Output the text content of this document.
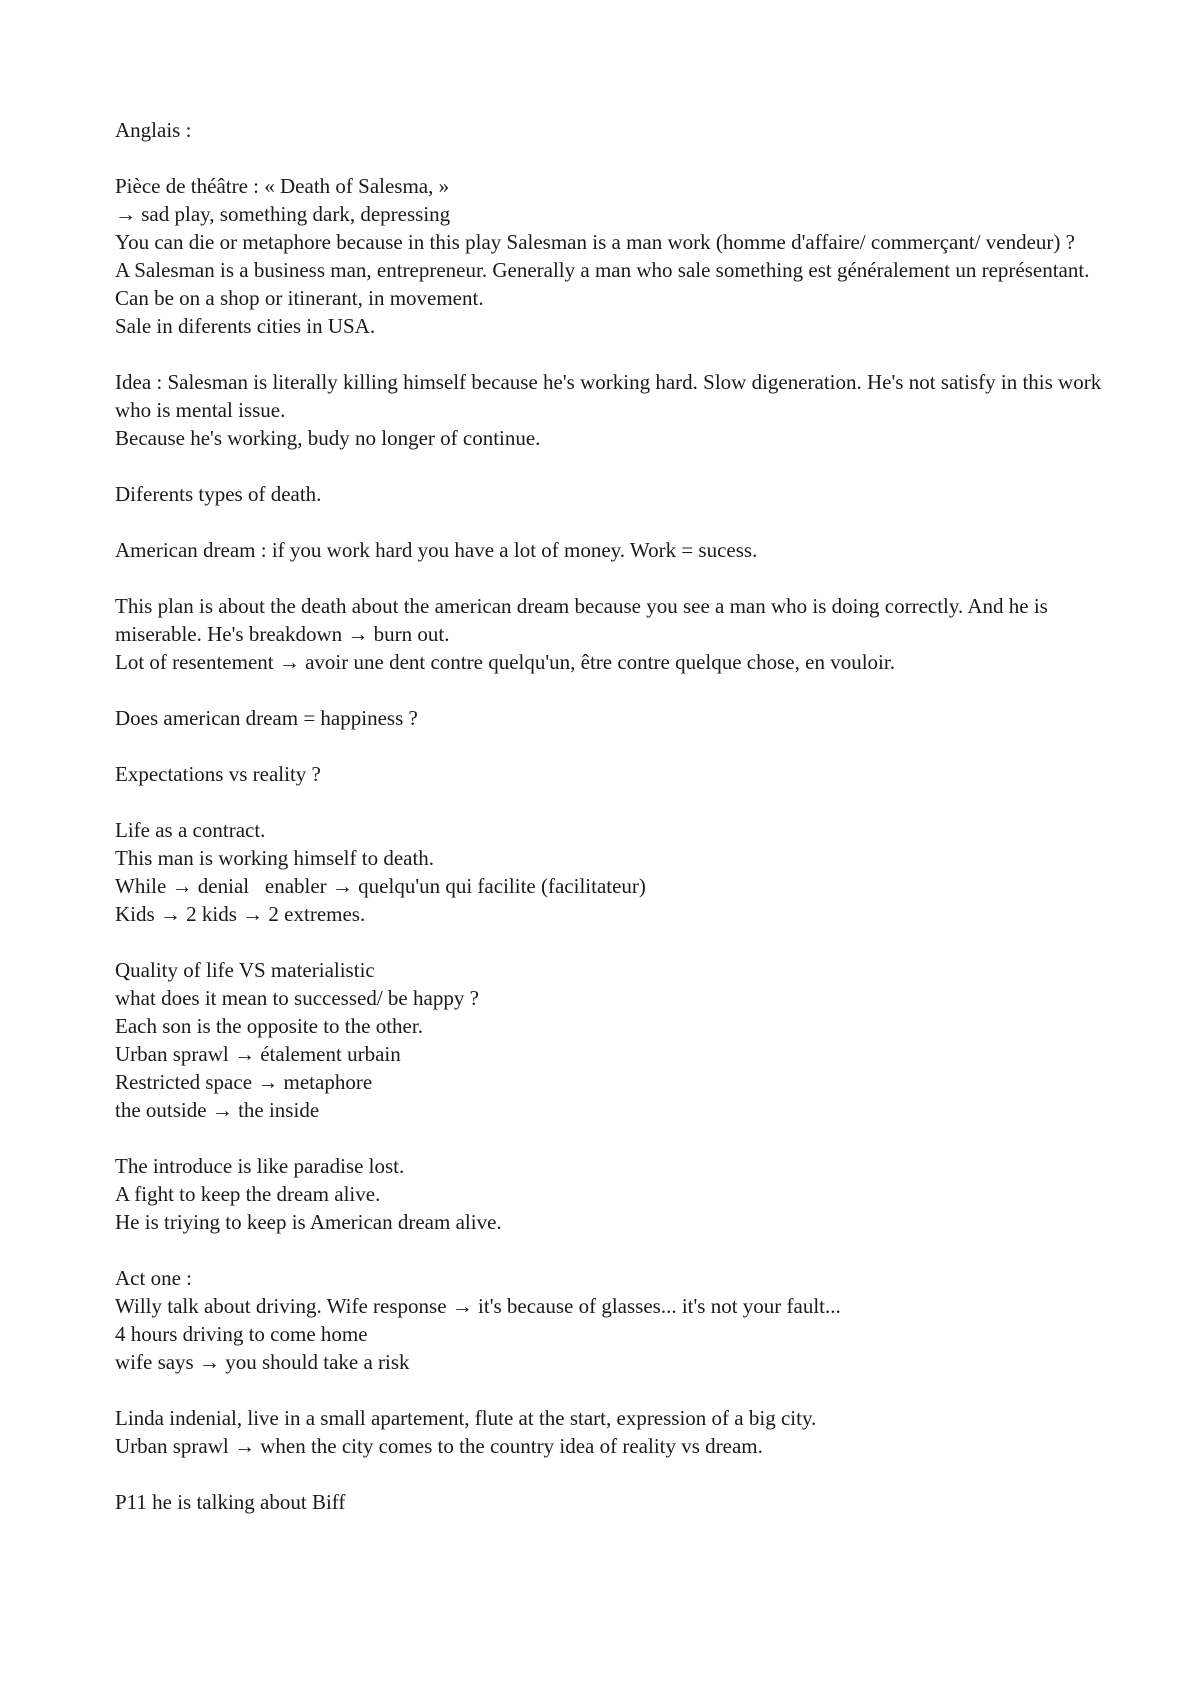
Anglais :
Pièce de théâtre : « Death of Salesma, »
→ sad play, something dark, depressing
You can die or metaphore because in this play Salesman is a man work (homme d'affaire/ commerçant/ vendeur) ?
A Salesman is a business man, entrepreneur. Generally a man who sale something est généralement un représentant.
Can be on a shop or itinerant, in movement.
Sale in diferents cities in USA.
Idea : Salesman is literally killing himself because he's working hard. Slow digeneration. He's not satisfy in this work who is mental issue.
Because he's working, budy no longer of continue.
Diferents types of death.
American dream : if you work hard you have a lot of money. Work = sucess.
This plan is about the death about the american dream because you see a man who is doing correctly. And he is miserable. He's breakdown → burn out.
Lot of resentement → avoir une dent contre quelqu'un, être contre quelque chose, en vouloir.
Does american dream = happiness ?
Expectations vs reality ?
Life as a contract.
This man is working himself to death.
While → denial   enabler → quelqu'un qui facilite (facilitateur)
Kids → 2 kids → 2 extremes.
Quality of life VS materialistic
what does it mean to successed/ be happy ?
Each son is the opposite to the other.
Urban sprawl → étalement urbain
Restricted space → metaphore
the outside → the inside
The introduce is like paradise lost.
A fight to keep the dream alive.
He is triying to keep is American dream alive.
Act one :
Willy talk about driving. Wife response → it's because of glasses... it's not your fault...
4 hours driving to come home
wife says → you should take a risk
Linda indenial, live in a small apartement, flute at the start, expression of a big city.
Urban sprawl → when the city comes to the country idea of reality vs dream.
P11 he is talking about Biff
